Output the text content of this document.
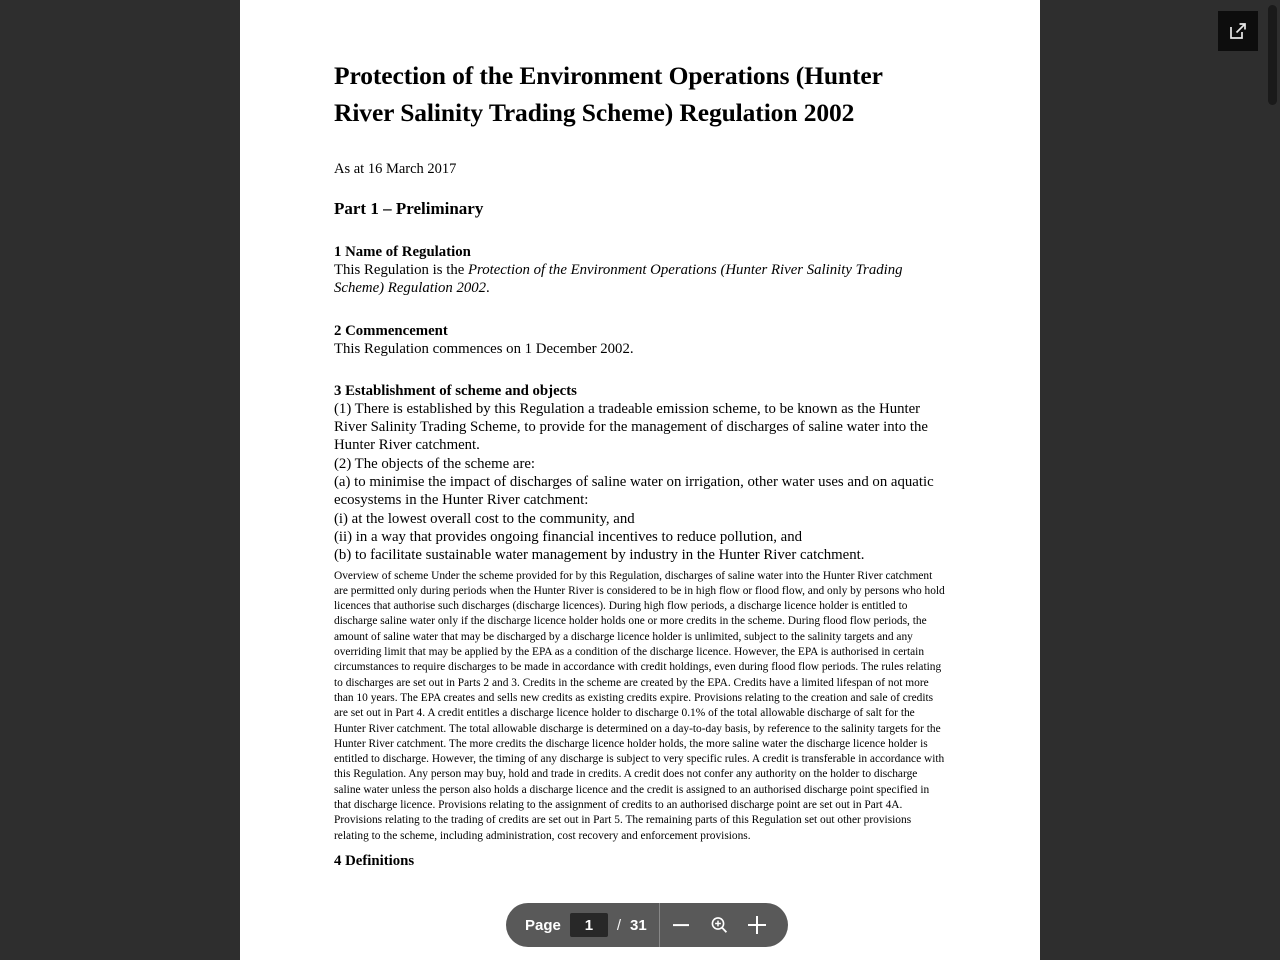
Protection of the Environment Operations (Hunter River Salinity Trading Scheme) Regulation 2002
As at 16 March 2017
Part 1 – Preliminary
1 Name of Regulation

This Regulation is the Protection of the Environment Operations (Hunter River Salinity Trading Scheme) Regulation 2002.

2 Commencement

This Regulation commences on 1 December 2002.

3 Establishment of scheme and objects

(1) There is established by this Regulation a tradeable emission scheme, to be known as the Hunter River Salinity Trading Scheme, to provide for the management of discharges of saline water into the Hunter River catchment.

(2) The objects of the scheme are:

(a) to minimise the impact of discharges of saline water on irrigation, other water uses and on aquatic ecosystems in the Hunter River catchment:

(i) at the lowest overall cost to the community, and

(ii) in a way that provides ongoing financial incentives to reduce pollution, and

(b) to facilitate sustainable water management by industry in the Hunter River catchment.

Overview of scheme Under the scheme provided for by this Regulation, discharges of saline water into the Hunter River catchment are permitted only during periods when the Hunter River is considered to be in high flow or flood flow, and only by persons who hold licences that authorise such discharges (discharge licences). During high flow periods, a discharge licence holder is entitled to discharge saline water only if the discharge licence holder holds one or more credits in the scheme. During flood flow periods, the amount of saline water that may be discharged by a discharge licence holder is unlimited, subject to the salinity targets and any overriding limit that may be applied by the EPA as a condition of the discharge licence. However, the EPA is authorised in certain circumstances to require discharges to be made in accordance with credit holdings, even during flood flow periods. The rules relating to discharges are set out in Parts 2 and 3. Credits in the scheme are created by the EPA. Credits have a limited lifespan of not more than 10 years. The EPA creates and sells new credits as existing credits expire. Provisions relating to the creation and sale of credits are set out in Part 4. A credit entitles a discharge licence holder to discharge 0.1% of the total allowable discharge of salt for the Hunter River catchment. The total allowable discharge is determined on a day-to-day basis, by reference to the salinity targets for the Hunter River catchment. The more credits the discharge licence holder holds, the more saline water the discharge licence holder is entitled to discharge. However, the timing of any discharge is subject to very specific rules. A credit is transferable in accordance with this Regulation. Any person may buy, hold and trade in credits. A credit does not confer any authority on the holder to discharge saline water unless the person also holds a discharge licence and the credit is assigned to an authorised discharge point specified in that discharge licence. Provisions relating to the assignment of credits to an authorised discharge point are set out in Part 4A. Provisions relating to the trading of credits are set out in Part 5. The remaining parts of this Regulation set out other provisions relating to the scheme, including administration, cost recovery and enforcement provisions.

4 Definitions
Page
1	/ 31
